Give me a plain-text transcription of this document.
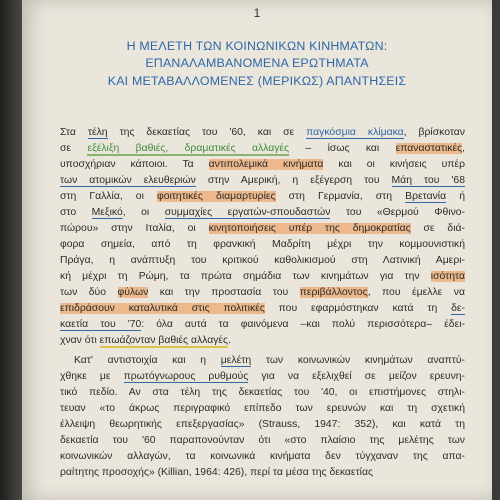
1
Η ΜΕΛΕΤΗ ΤΩΝ ΚΟΙΝΩΝΙΚΩΝ ΚΙΝΗΜΑΤΩΝ:
ΕΠΑΝΑΛΑΜΒΑΝΟΜΕΝΑ ΕΡΩΤΗΜΑΤΑ
ΚΑΙ ΜΕΤΑΒΑΛΛΟΜΕΝΕΣ (ΜΕΡΙΚΩΣ) ΑΠΑΝΤΗΣΕΙΣ
Στα τέλη της δεκαετίας του '60, και σε παγκόσμια κλίμακα, βρίσκοταν
σε εξέλιξη βαθιές, δραματικές αλλαγές – ίσως και επαναστατικές,
υποσχήριαν κάποιοι. Τα αντιπολεμικά κινήματα και οι κινήσεις υπέρ
των ατομικών ελευθεριών στην Αμερική, η εξέγερση του Μάη του '68
στη Γαλλία, οι φοιτητικές διαμαρτυρίες στη Γερμανία, στη Βρετανία ή
στο Μεξικό, οι συμμαχίες εργατών-σπουδαστών του «Θερμού Φθινο-
πώρου» στην Ιταλία, οι κινητοποιήσεις υπέρ της δημοκρατίας σε διά-
φορα σημεία, από τη φρανκική Μαδρίτη μέχρι την κομμουνιστική
Πράγα, η ανάπτυξη του κριτικού καθολικισμού στη Λατινική Αμερι-
κή μέχρι τη Ρώμη, τα πρώτα σημάδια των κινημάτων για την ισότητα
των δύο φύλων και την προστασία του περιβάλλοντος, που έμελλε να
επιδράσουν καταλυτικά στις πολιτικές που εφαρμόστηκαν κατά τη δε-
καετία του '70: όλα αυτά τα φαινόμενα –και πολύ περισσότερα– έδει-
χναν ότι επωάζονταν βαθιές αλλαγές.
Κατ' αντιστοιχία και η μελέτη των κοινωνικών κινημάτων αναπτύ-
χθηκε με πρωτόγνωρους ρυθμούς για να εξελιχθεί σε μείζον ερευνη-
τικό πεδίο. Αν στα τέλη της δεκαετίας του '40, οι επιστήμονες στηλι-
τευαν «το άκρως περιγραφικό επίπεδο των ερευνών και τη σχετική
έλλειψη θεωρητικής επεξεργασίας» (Strauss, 1947: 352), και κατά τη
δεκαετία του '60 παραπονούνταν ότι «στο πλαίσιο της μελέτης των
κοινωνικών αλλαγών, τα κοινωνικά κινήματα δεν τύγχαναν της απα-
ραίτητης προσοχής» (Killian, 1964: 426), περί τα μέσα της δεκαετίας
